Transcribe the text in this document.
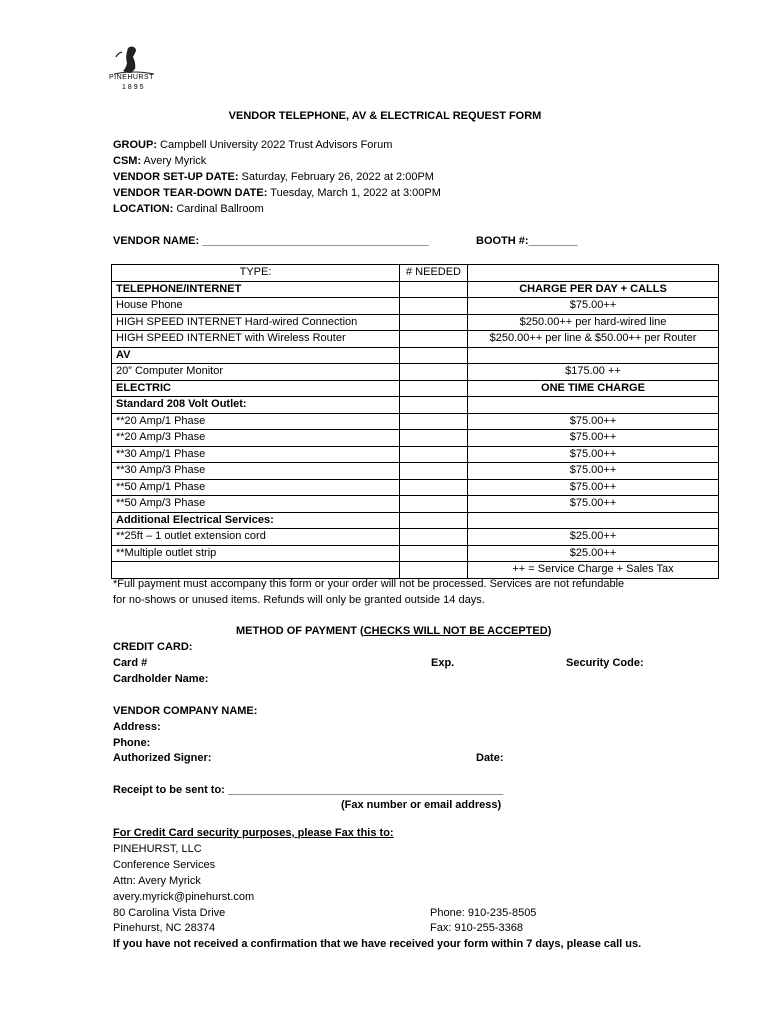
PINEHURST
1895
VENDOR TELEPHONE, AV & ELECTRICAL REQUEST FORM
GROUP: Campbell University 2022 Trust Advisors Forum
CSM: Avery Myrick
VENDOR SET-UP DATE: Saturday, February 26, 2022 at 2:00PM
VENDOR TEAR-DOWN DATE: Tuesday, March 1, 2022 at 3:00PM
LOCATION: Cardinal Ballroom
VENDOR NAME: _____________________________________	BOOTH #:________
TYPE:	# NEEDED	
TELEPHONE/INTERNET		CHARGE PER DAY + CALLS
House Phone		$75.00++
HIGH SPEED INTERNET Hard-wired Connection		$250.00++ per hard-wired line
HIGH SPEED INTERNET with Wireless Router		$250.00++ per line & $50.00++ per Router
AV		
20” Computer Monitor		$175.00 ++
ELECTRIC		ONE TIME CHARGE
Standard 208 Volt Outlet:		
**20 Amp/1 Phase		$75.00++
**20 Amp/3 Phase		$75.00++
**30 Amp/1 Phase		$75.00++
**30 Amp/3 Phase		$75.00++
**50 Amp/1 Phase		$75.00++
**50 Amp/3 Phase		$75.00++
Additional Electrical Services:		
**25ft – 1 outlet extension cord		$25.00++
**Multiple outlet strip		$25.00++
		++ = Service Charge + Sales Tax
*Full payment must accompany this form or your order will not be processed. Services are not refundable
for no-shows or unused items. Refunds will only be granted outside 14 days.
METHOD OF PAYMENT (CHECKS WILL NOT BE ACCEPTED)
CREDIT CARD:
Card #	Exp.	Security Code:
Cardholder Name:
VENDOR COMPANY NAME:
Address:
Phone:
Authorized Signer:	Date:
Receipt to be sent to: _____________________________________________
(Fax number or email address)
For Credit Card security purposes, please Fax this to:
PINEHURST, LLC
Conference Services
Attn: Avery Myrick
avery.myrick@pinehurst.com
80 Carolina Vista Drive
Pinehurst, NC 28374
Phone: 910-235-8505
Fax: 910-255-3368
If you have not received a confirmation that we have received your form within 7 days, please call us.
